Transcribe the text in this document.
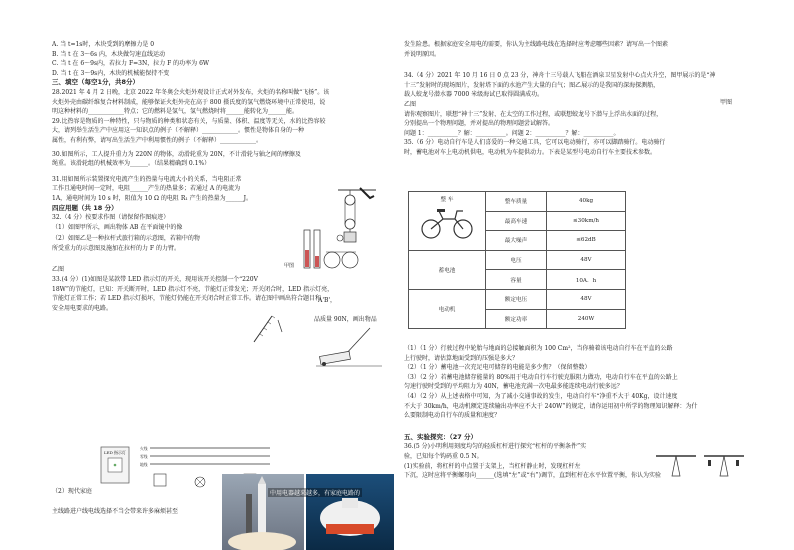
A. 当 t=1s时，木块受到的摩擦力是 0
B. 当 t 在 3～6s 内，木块做匀速直线运动
C. 当 t 在 6～9s内，若拉力 F=3N，拉力 F 的功率为 6W
D. 当 t 在 3～9s内，木块的机械能保持不变
三、填空（每空1分，共8分）
28.2021 年 4 月 2 日晚，北京 2022 年冬奥会火炬外观设计正式对外发布，火炬的名称叫做“飞扬”。该
火炬外壳由碳纤维复合材料制成，能够保证火炬外壳在高于 800 摄氏度的氢气燃烧环境中正常使用，说
明这种材料的____________特点；它的燃料是氢气，氢气燃烧时将______能转化为______能。
29.比热容是物质的一种特性，只与物质的种类和状态有关，与质量、体积、温度等无关，水的比热容较
大，请列举生活生产中应用这一知识点的例子（不解释）____________。惯性是物体自身的一种
属性，有利有弊，请写出生活生产中利用惯性的例子（不解释）____________。
30.如图所示，工人提升重力为 220N 的物体，动滑轮重为 20N，不计滑轮与轴之间的摩擦及
绳重。该滑轮组的机械效率为______。（结果精确到 0.1%）
31.用如图所示装置探究电流产生的热量与电流大小的关系，当电阻正常
工作且通电时间一定时，电阻______产生的热量多；若通过 A 的电流为
1A，通电时间为 10 s 时，阻值为 10 Ω 的电阻 R₁ 产生的热量为______J。
四应用题（共 18 分）
32.（4 分）按要求作图（请保留作图痕迹）
（1）如图甲所示，画出物体 AB 在平面镜中的像
（2）如图乙是一种拉杆式旅行箱的示意图，若箱中的物
所受重力的示意图及施加在拉杆的力 F 的力臂。
乙图
33.(4 分）(1)如图是某款带 LED 指示灯的开关，现用该开关控制一个“220V
18W”的节能灯，已知：开关断开时，LED 指示灯不亮，节能灯正常发光；开关闭合时，LED 指示灯亮，
节能灯正常工作；若 LED 指示灯损坏，节能灯仍能在开关闭合时正常工作。请在图中画出符合题目和
安全用电要求的电路。
A'B'，
品质量 90N，画出物品
甲图
LED 指示灯
火线
零线
地线
（2）现代家庭
主线路进户线电线选择不当会带来许多麻烦甚至
中用电器越来越多，有家庭电路的
发生险患。根据家庭安全用电的需要，你认为主线路电线在选择时应考虑哪些因素？请写出一个图素
并说明原因。
34.（4 分）2021 年 10 月 16 日 0 点 23 分，神舟十三号载人飞船在酒泉卫星发射中心点火升空，图甲展示的是“神
十三”发射时的现场图片，发射塔下面的水池产生大量的白气；图乙展示的是我国的深海探测船，
载人蛟龙号潜水器 7000 米级海试已取得圆满成功。
乙图
请你观察图片，联想“神十三”发射、在太空的工作过程，或联想蛟龙号下潜与上浮出水面的过程，
分别提出一个物理问题，并对提出的物理问题尝试解答。
问题 1：__________？解：__________。问题 2：__________？解：__________。
35.（6 分）电动自行车是人们喜爱的一种交通工具，它可以电动骑行，亦可以脚踏骑行。电动骑行
时，蓄电池对车上电动机供电，电动机为车提供动力。下表是某型号电动自行车主要技术参数。
甲图
整 车	整车质量	40kg
	最高车速	≤30km/h
	最大噪声	≤62dB
蓄电池	电压	48V
	容量	10A．h
电动机	额定电压	48V
	额定功率	240W
（1）（1 分）行驶过程中轮胎与地面的总接触面积为 100 Cm²，当你骑着该电动自行车在平直的公路
上行驶时，请估算地面受到的压强是多大？
（2）（1 分）蓄电池一次充足电可储存的电能是多少焦？（保留整数）
（3）（2 分）若蓄电池储存能量的 80%用于电动自行车行驶克服阻力做功，电动自行车在平直的公路上
匀速行驶时受到的平均阻力为 40N，蓄电池充满一次电最多能连续电动行驶多远？
（4）（2 分）从上述表格中可知，为了减小交通事故的发生，电动自行车“净重不大于 40Kg，设计速度
不大于 30km/h，电动机额定连续输出功率应不大于 240W”的规定，请你运用初中所学的物理知识解释：为什
么要限制电动自行车的质量和速度？
五、实验探究：（27 分）
36.(5 分)小明利用刻度均匀的轻质杠杆进行探究“杠杆的平衡条件”实
验，已知每个钩码重 0.5 N。
(1)实验前，将杠杆的中点置于支架上，当杠杆静止时，发现杠杆左
下沉，这时应将平衡螺母向______(选填“左”或“右”)调节，直到杠杆在水平位置平衡，你认为实验
